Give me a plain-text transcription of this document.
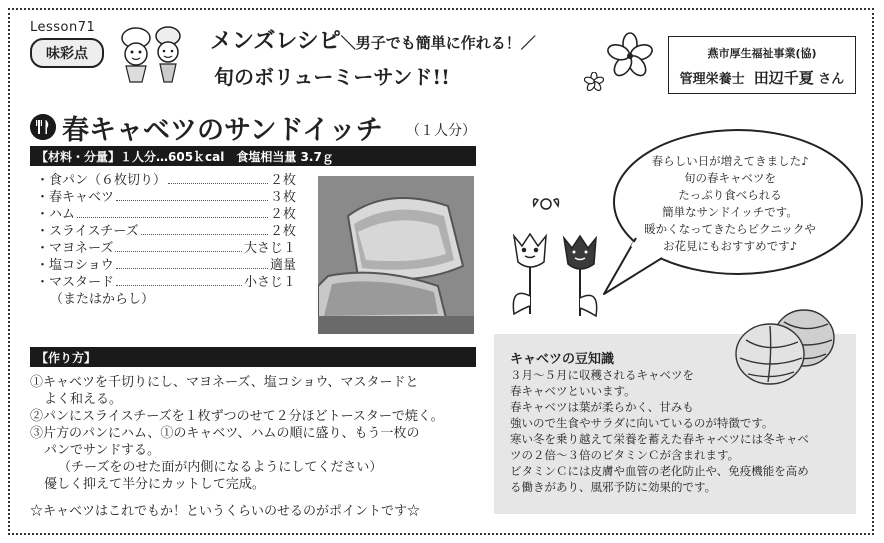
Lesson71
味彩点	メンズレシピ＼男子でも簡単に作れる！／
旬のボリューミーサンド!!
燕市厚生福祉事業(協)
管理栄養士 田辺千夏 さん
春キャベツのサンドイッチ （１人分）
【材料・分量】１人分…605ｋcal　食塩相当量 3.7ｇ
・食パン（６枚切り）	２枚
・春キャベツ	３枚
・ハム	２枚
・スライスチーズ	２枚
・マヨネーズ	大さじ１
・塩コショウ	適量
・マスタード	小さじ１
（またはからし）
【作り方】

①キャベツを千切りにし、マヨネーズ、塩コショウ、マスタードと

よく和える。

②パンにスライスチーズを１枚ずつのせて２分ほどトースターで焼く。

③片方のパンにハム、①のキャベツ、ハムの順に盛り、もう一枚の

パンでサンドする。

（チーズをのせた面が内側になるようにしてください）

優しく抑えて半分にカットして完成。

☆キャベツはこれでもか！というくらいのせるのがポイントです☆
春らしい日が増えてきました♪
旬の春キャベツを
たっぷり食べられる
簡単なサンドイッチです。
暖かくなってきたらピクニックや
お花見にもおすすめです♪
キャベツの豆知識

３月～５月に収穫されるキャベツを

春キャベツといいます。

春キャベツは葉が柔らかく、甘みも

強いので生食やサラダに向いているのが特徴です。

寒い冬を乗り越えて栄養を蓄えた春キャベツには冬キャベ

ツの２倍～３倍のビタミンＣが含まれます。

ビタミンＣには皮膚や血管の老化防止や、免疫機能を高め

る働きがあり、風邪予防に効果的です。
